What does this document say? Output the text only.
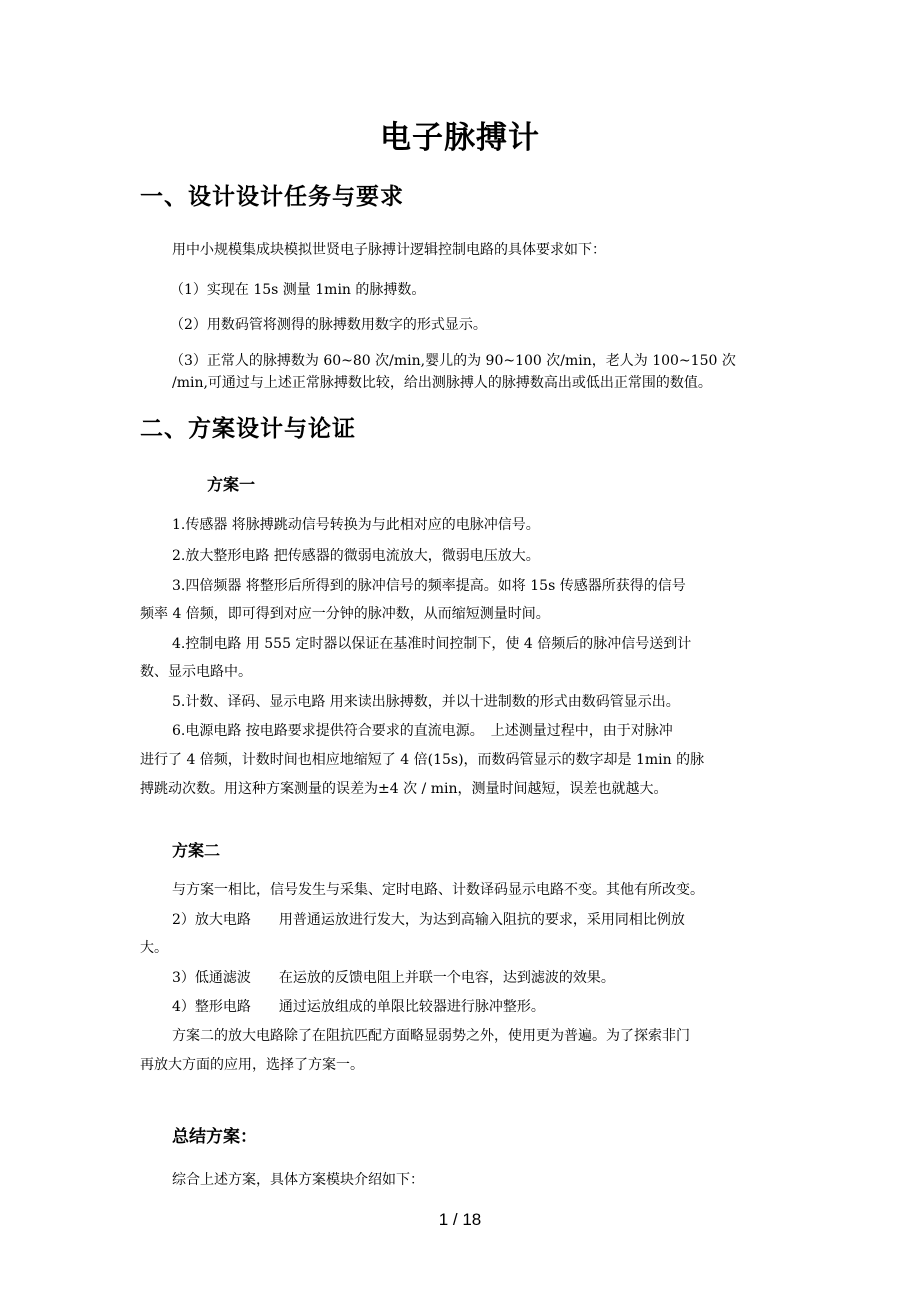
电子脉搏计
一、设计设计任务与要求
用中小规模集成块模拟世贤电子脉搏计逻辑控制电路的具体要求如下：
（1）实现在 15s 测量 1min 的脉搏数。
（2）用数码管将测得的脉搏数用数字的形式显示。
（3）正常人的脉搏数为 60~80 次/min,婴儿的为 90~100 次/min，老人为 100~150 次
/min,可通过与上述正常脉搏数比较，给出测脉搏人的脉搏数高出或低出正常围的数值。
二、方案设计与论证
方案一
1.传感器 将脉搏跳动信号转换为与此相对应的电脉冲信号。
2.放大整形电路 把传感器的微弱电流放大，微弱电压放大。
3.四倍频器 将整形后所得到的脉冲信号的频率提高。如将 15s 传感器所获得的信号
频率 4 倍频，即可得到对应一分钟的脉冲数，从而缩短测量时间。
4.控制电路 用 555 定时器以保证在基准时间控制下，使 4 倍频后的脉冲信号送到计
数、显示电路中。
5.计数、译码、显示电路 用来读出脉搏数，并以十进制数的形式由数码管显示出。
6.电源电路 按电路要求提供符合要求的直流电源。　上述测量过程中，由于对脉冲
进行了 4 倍频，计数时间也相应地缩短了 4 倍(15s)，而数码管显示的数字却是 1min 的脉
搏跳动次数。用这种方案测量的误差为±4 次 / min，测量时间越短，误差也就越大。
方案二
与方案一相比，信号发生与采集、定时电路、计数译码显示电路不变。其他有所改变。
2）放大电路 用普通运放进行发大，为达到高输入阻抗的要求，采用同相比例放
大。
3）低通滤波 在运放的反馈电阻上并联一个电容，达到滤波的效果。
4）整形电路 通过运放组成的单限比较器进行脉冲整形。
方案二的放大电路除了在阻抗匹配方面略显弱势之外，使用更为普遍。为了探索非门
再放大方面的应用，选择了方案一。
总结方案：
综合上述方案，具体方案模块介绍如下：
1 / 18
